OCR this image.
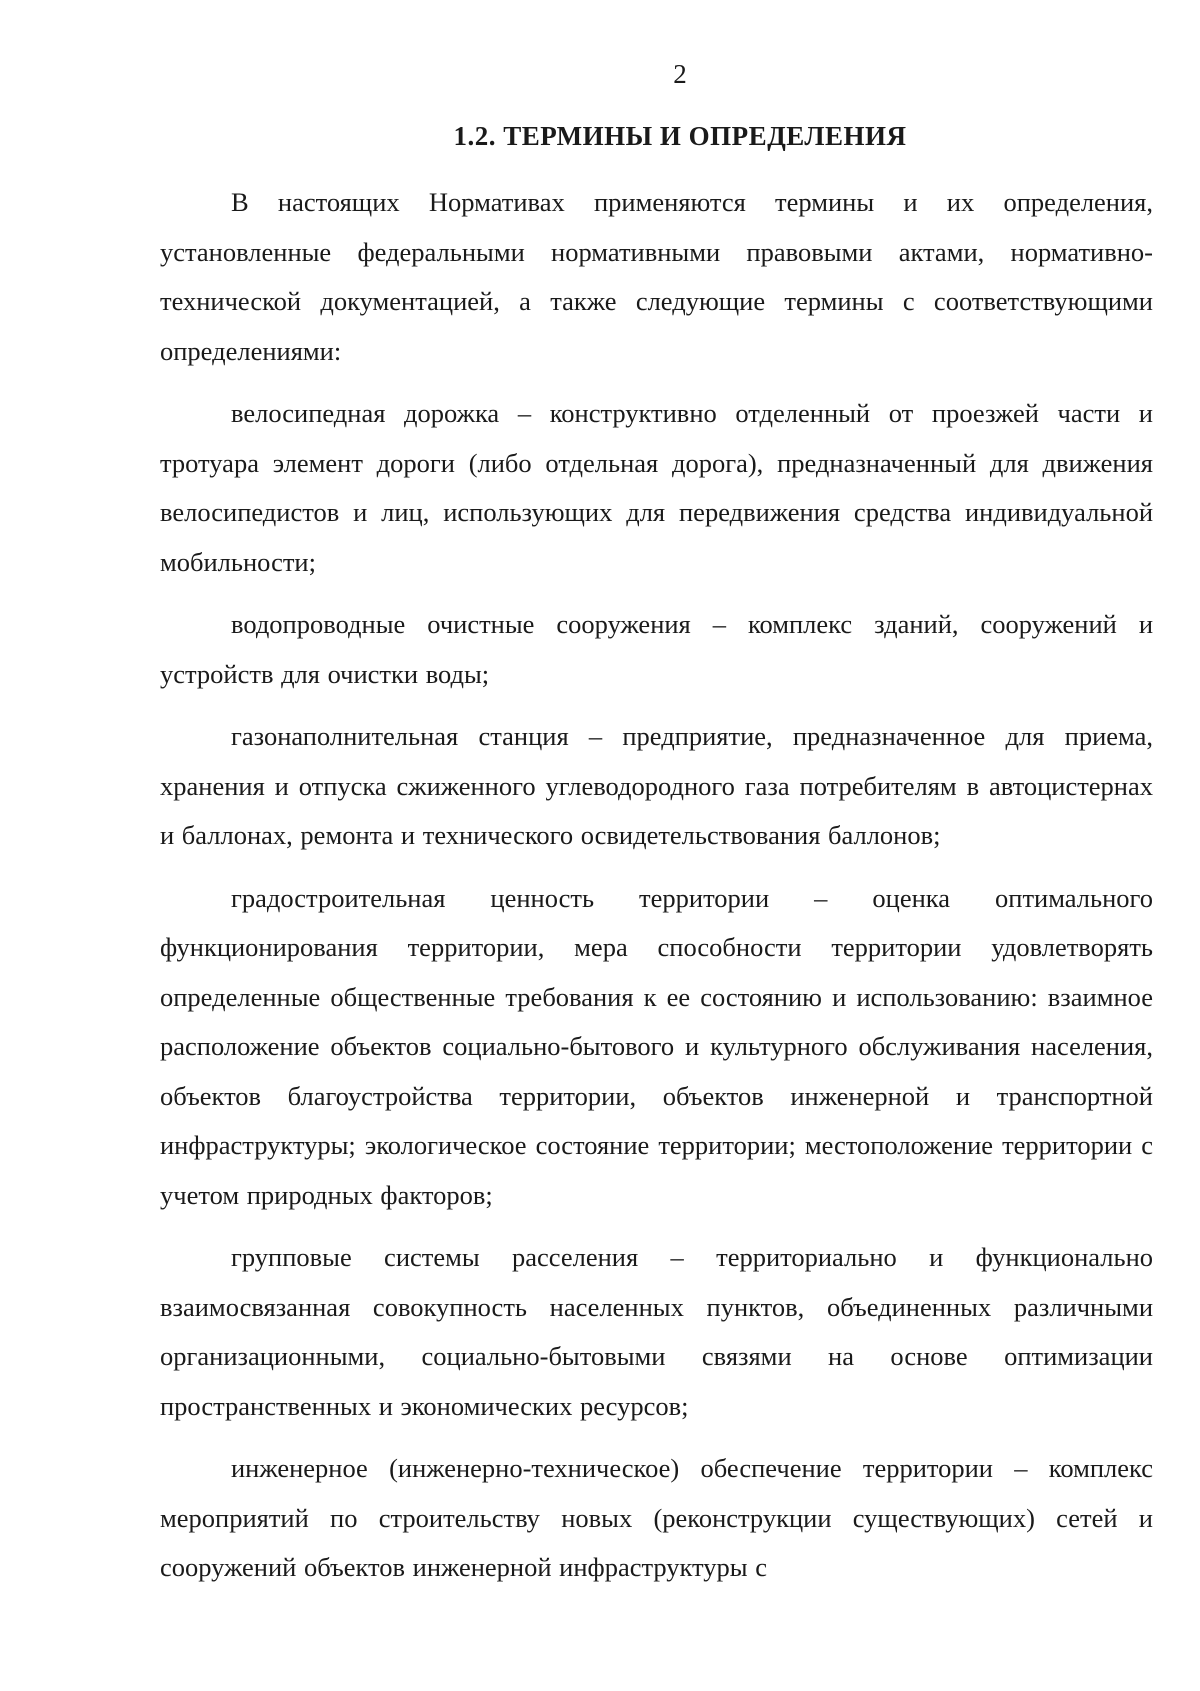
2
1.2. ТЕРМИНЫ И ОПРЕДЕЛЕНИЯ

В настоящих Нормативах применяются термины и их определения, установленные федеральными нормативными правовыми актами, нормативно-технической документацией, а также следующие термины с соответствующими определениями:

велосипедная дорожка – конструктивно отделенный от проезжей части и тротуара элемент дороги (либо отдельная дорога), предназначенный для движения велосипедистов и лиц, использующих для передвижения средства индивидуальной мобильности;

водопроводные очистные сооружения – комплекс зданий, сооружений и устройств для очистки воды;

газонаполнительная станция – предприятие, предназначенное для приема, хранения и отпуска сжиженного углеводородного газа потребителям в автоцистернах и баллонах, ремонта и технического освидетельствования баллонов;

градостроительная ценность территории – оценка оптимального функционирования территории, мера способности территории удовлетворять определенные общественные требования к ее состоянию и использованию: взаимное расположение объектов социально-бытового и культурного обслуживания населения, объектов благоустройства территории, объектов инженерной и транспортной инфраструктуры; экологическое состояние территории; местоположение территории с учетом природных факторов;

групповые системы расселения – территориально и функционально взаимосвязанная совокупность населенных пунктов, объединенных различными организационными, социально-бытовыми связями на основе оптимизации пространственных и экономических ресурсов;

инженерное (инженерно-техническое) обеспечение территории – комплекс мероприятий по строительству новых (реконструкции существующих) сетей и сооружений объектов инженерной инфраструктуры с
